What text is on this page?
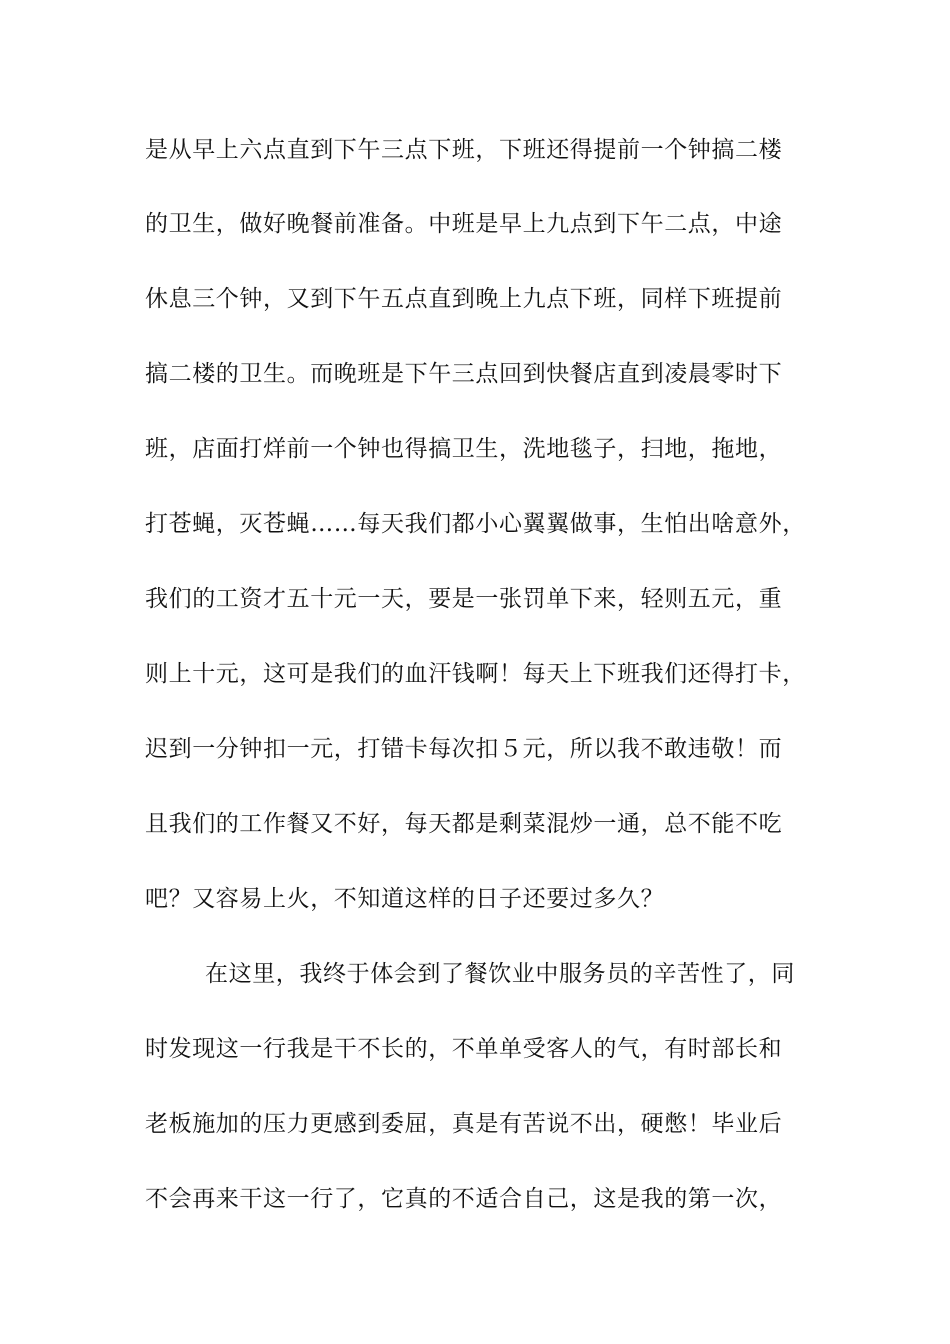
是从早上六点直到下午三点下班，下班还得提前一个钟搞二楼
的卫生，做好晚餐前准备。中班是早上九点到下午二点，中途
休息三个钟，又到下午五点直到晚上九点下班，同样下班提前
搞二楼的卫生。而晚班是下午三点回到快餐店直到凌晨零时下
班，店面打烊前一个钟也得搞卫生，洗地毯子，扫地，拖地，
打苍蝇，灭苍蝇……每天我们都小心翼翼做事，生怕出啥意外，
我们的工资才五十元一天，要是一张罚单下来，轻则五元，重
则上十元，这可是我们的血汗钱啊！每天上下班我们还得打卡，
迟到一分钟扣一元，打错卡每次扣５元，所以我不敢违敬！而
且我们的工作餐又不好，每天都是剩菜混炒一通，总不能不吃
吧？又容易上火，不知道这样的日子还要过多久？
在这里，我终于体会到了餐饮业中服务员的辛苦性了，同
时发现这一行我是干不长的，不单单受客人的气，有时部长和
老板施加的压力更感到委屈，真是有苦说不出，硬憋！毕业后
不会再来干这一行了，它真的不适合自己，这是我的第一次，
